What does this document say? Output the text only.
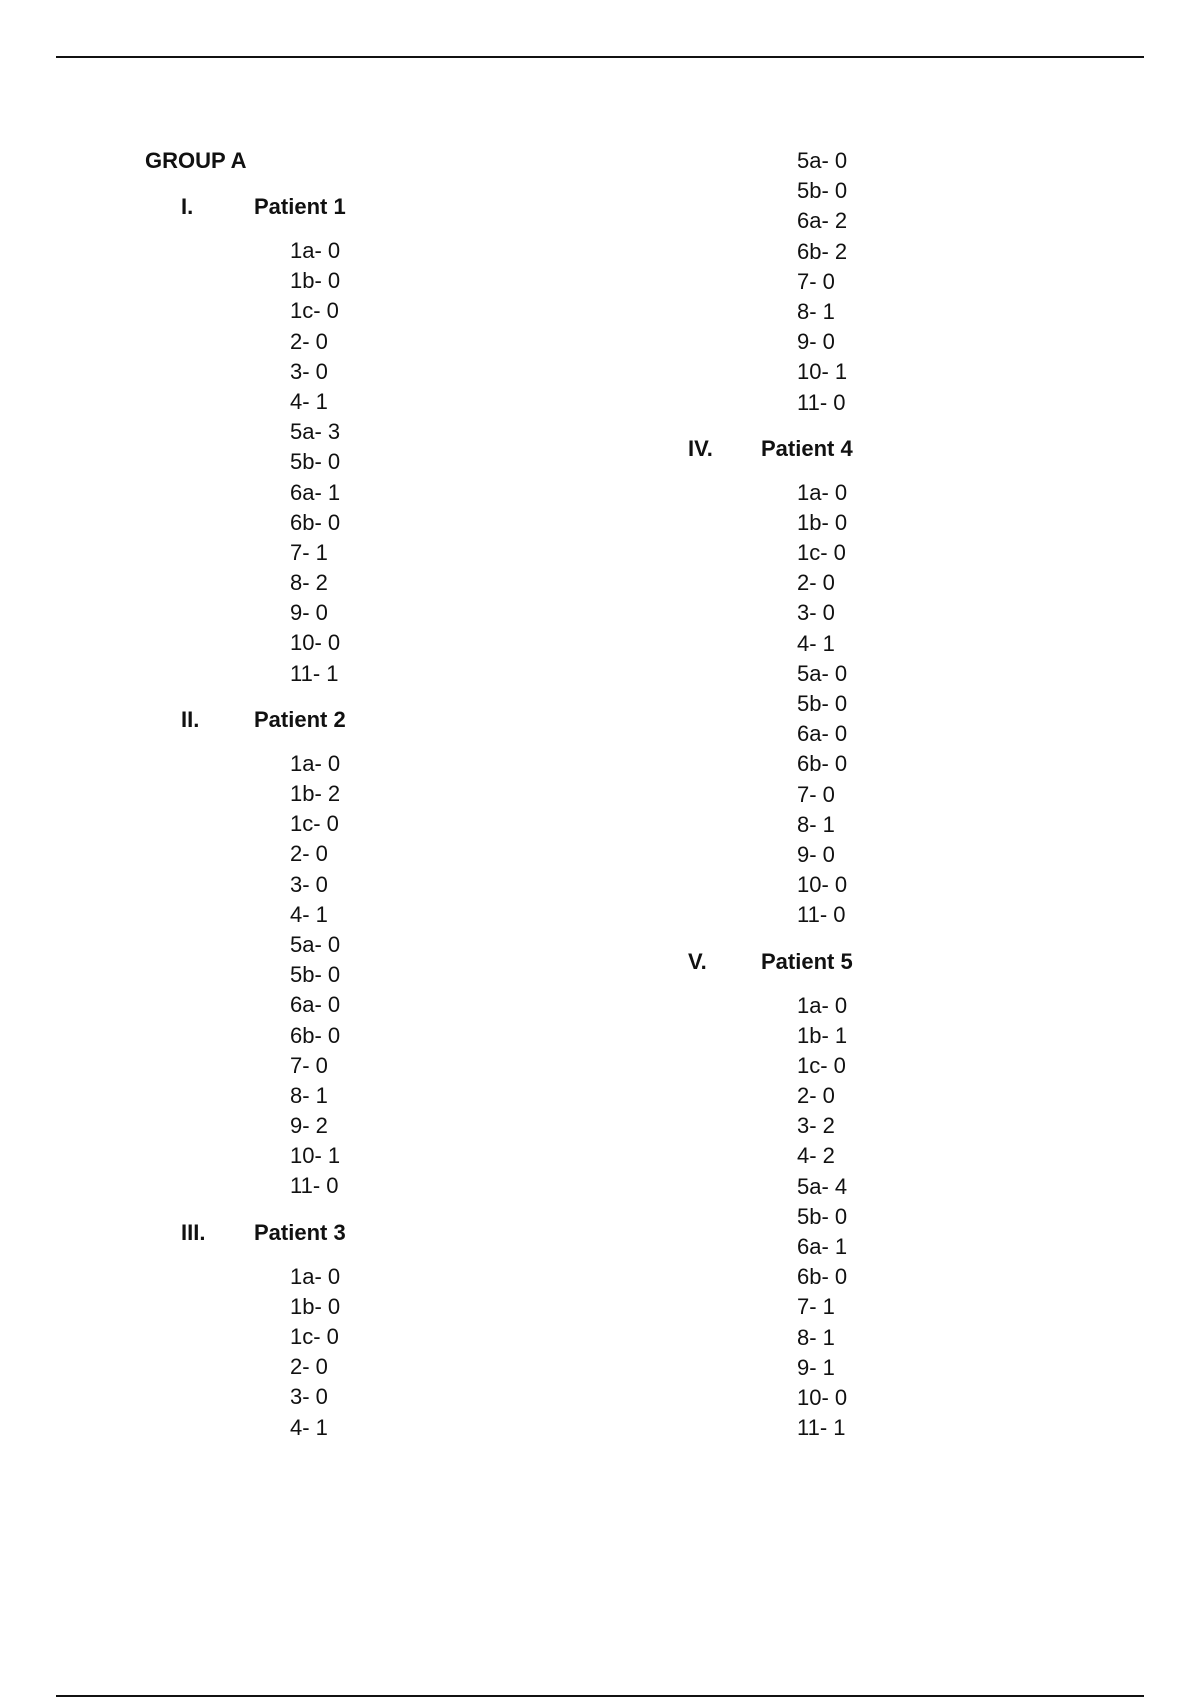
GROUP A
I.	Patient 1
1a- 0
1b- 0
1c- 0
2- 0
3- 0
4- 1
5a- 3
5b- 0
6a- 1
6b- 0
7- 1
8- 2
9- 0
10- 0
11- 1
II. Patient 2
1a- 0
1b- 2
1c- 0
2- 0
3- 0
4- 1
5a- 0
5b- 0
6a- 0
6b- 0
7- 0
8- 1
9- 2
10- 1
11- 0
III. Patient 3
1a- 0
1b- 0
1c- 0
2- 0
3- 0
4- 1
5a- 0
5b- 0
6a- 2
6b- 2
7- 0
8- 1
9- 0
10- 1
11- 0
IV. Patient 4
1a- 0
1b- 0
1c- 0
2- 0
3- 0
4- 1
5a- 0
5b- 0
6a- 0
6b- 0
7- 0
8- 1
9- 0
10- 0
11- 0
V. Patient 5
1a- 0
1b- 1
1c- 0
2- 0
3- 2
4- 2
5a- 4
5b- 0
6a- 1
6b- 0
7- 1
8- 1
9- 1
10- 0
11- 1
